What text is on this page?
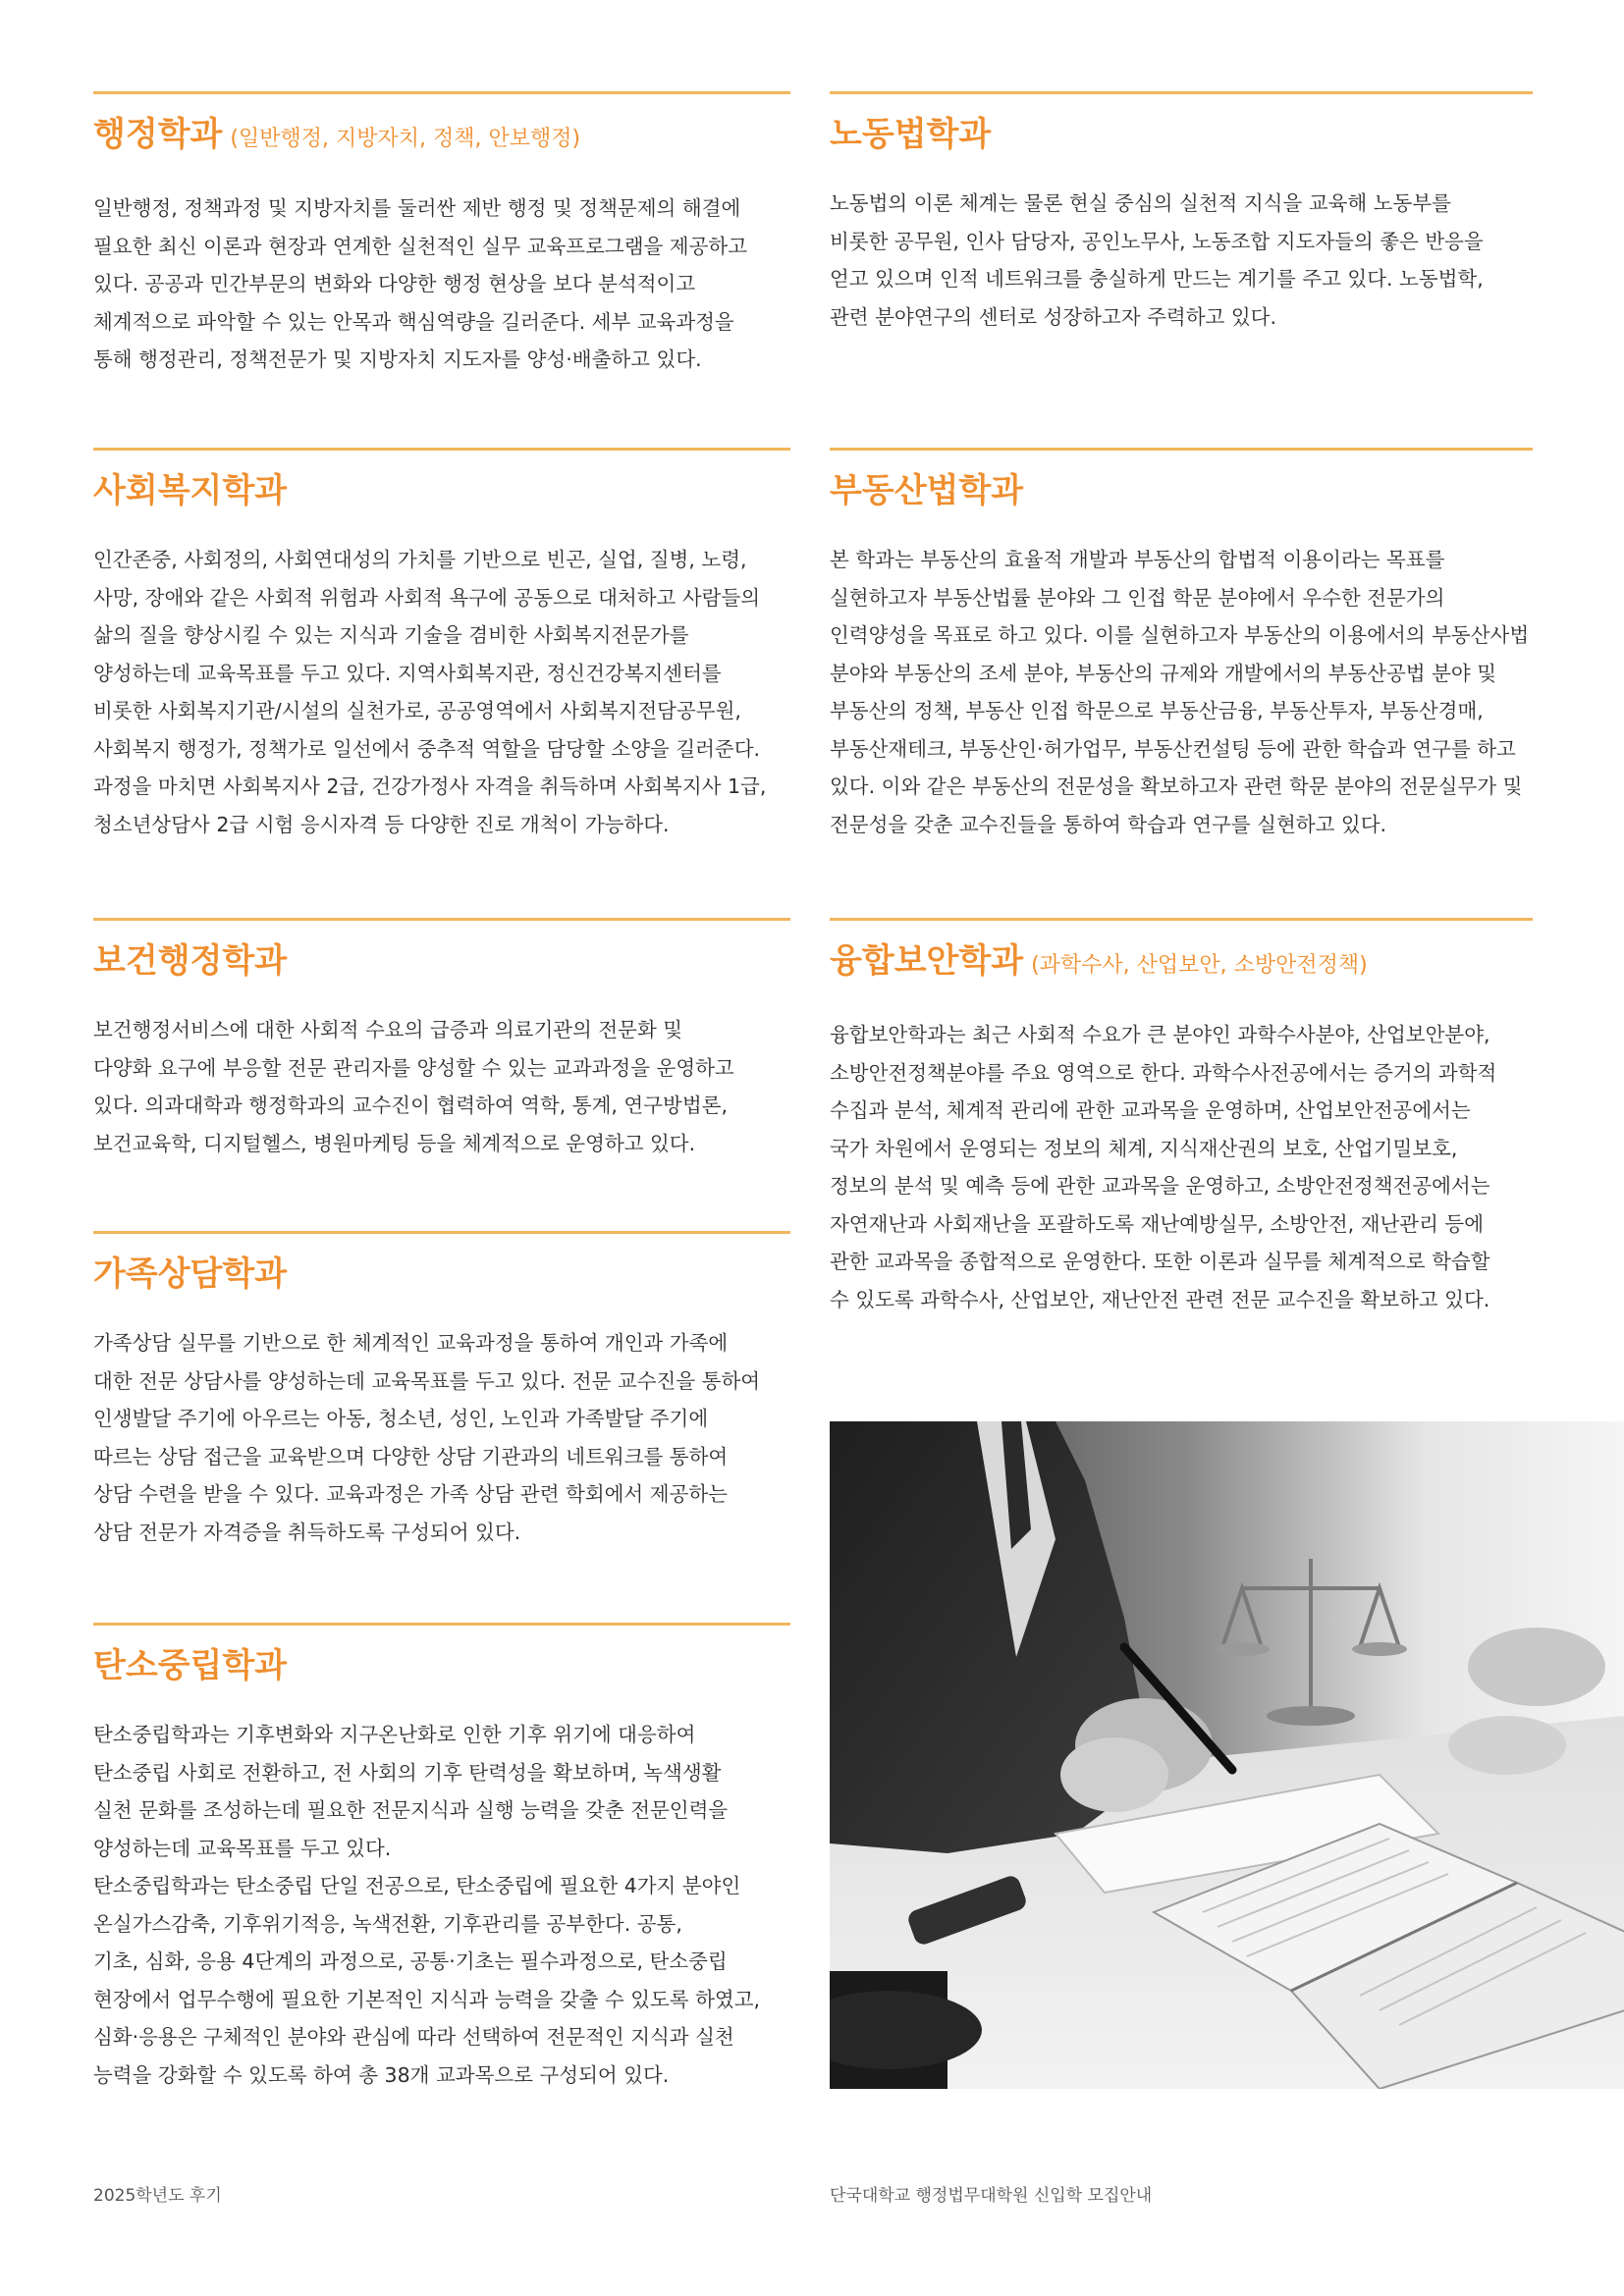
행정학과 (일반행정, 지방자치, 정책, 안보행정)
일반행정, 정책과정 및 지방자치를 둘러싼 제반 행정 및 정책문제의 해결에
필요한 최신 이론과 현장과 연계한 실천적인 실무 교육프로그램을 제공하고
있다. 공공과 민간부문의 변화와 다양한 행정 현상을 보다 분석적이고
체계적으로 파악할 수 있는 안목과 핵심역량을 길러준다. 세부 교육과정을
통해 행정관리, 정책전문가 및 지방자치 지도자를 양성·배출하고 있다.
사회복지학과
인간존중, 사회정의, 사회연대성의 가치를 기반으로 빈곤, 실업, 질병, 노령,
사망, 장애와 같은 사회적 위험과 사회적 욕구에 공동으로 대처하고 사람들의
삶의 질을 향상시킬 수 있는 지식과 기술을 겸비한 사회복지전문가를
양성하는데 교육목표를 두고 있다. 지역사회복지관, 정신건강복지센터를
비롯한 사회복지기관/시설의 실천가로, 공공영역에서 사회복지전담공무원,
사회복지 행정가, 정책가로 일선에서 중추적 역할을 담당할 소양을 길러준다.
과정을 마치면 사회복지사 2급, 건강가정사 자격을 취득하며 사회복지사 1급,
청소년상담사 2급 시험 응시자격 등 다양한 진로 개척이 가능하다.
보건행정학과
보건행정서비스에 대한 사회적 수요의 급증과 의료기관의 전문화 및
다양화 요구에 부응할 전문 관리자를 양성할 수 있는 교과과정을 운영하고
있다. 의과대학과 행정학과의 교수진이 협력하여 역학, 통계, 연구방법론,
보건교육학, 디지털헬스, 병원마케팅 등을 체계적으로 운영하고 있다.
가족상담학과
가족상담 실무를 기반으로 한 체계적인 교육과정을 통하여 개인과 가족에
대한 전문 상담사를 양성하는데 교육목표를 두고 있다. 전문 교수진을 통하여
인생발달 주기에 아우르는 아동, 청소년, 성인, 노인과 가족발달 주기에
따르는 상담 접근을 교육받으며 다양한 상담 기관과의 네트워크를 통하여
상담 수련을 받을 수 있다. 교육과정은 가족 상담 관련 학회에서 제공하는
상담 전문가 자격증을 취득하도록 구성되어 있다.
탄소중립학과
탄소중립학과는 기후변화와 지구온난화로 인한 기후 위기에 대응하여
탄소중립 사회로 전환하고, 전 사회의 기후 탄력성을 확보하며, 녹색생활
실천 문화를 조성하는데 필요한 전문지식과 실행 능력을 갖춘 전문인력을
양성하는데 교육목표를 두고 있다.
탄소중립학과는 탄소중립 단일 전공으로, 탄소중립에 필요한 4가지 분야인
온실가스감축, 기후위기적응, 녹색전환, 기후관리를 공부한다. 공통,
기초, 심화, 응용 4단계의 과정으로, 공통·기초는 필수과정으로, 탄소중립
현장에서 업무수행에 필요한 기본적인 지식과 능력을 갖출 수 있도록 하였고,
심화·응용은 구체적인 분야와 관심에 따라 선택하여 전문적인 지식과 실천
능력을 강화할 수 있도록 하여 총 38개 교과목으로 구성되어 있다.
노동법학과
노동법의 이론 체계는 물론 현실 중심의 실천적 지식을 교육해 노동부를
비롯한 공무원, 인사 담당자, 공인노무사, 노동조합 지도자들의 좋은 반응을
얻고 있으며 인적 네트워크를 충실하게 만드는 계기를 주고 있다. 노동법학,
관련 분야연구의 센터로 성장하고자 주력하고 있다.
부동산법학과
본 학과는 부동산의 효율적 개발과 부동산의 합법적 이용이라는 목표를
실현하고자 부동산법률 분야와 그 인접 학문 분야에서 우수한 전문가의
인력양성을 목표로 하고 있다. 이를 실현하고자 부동산의 이용에서의 부동산사법
분야와 부동산의 조세 분야, 부동산의 규제와 개발에서의 부동산공법 분야 및
부동산의 정책, 부동산 인접 학문으로 부동산금융, 부동산투자, 부동산경매,
부동산재테크, 부동산인·허가업무, 부동산컨설팅 등에 관한 학습과 연구를 하고
있다. 이와 같은 부동산의 전문성을 확보하고자 관련 학문 분야의 전문실무가 및
전문성을 갖춘 교수진들을 통하여 학습과 연구를 실현하고 있다.
융합보안학과 (과학수사, 산업보안, 소방안전정책)
융합보안학과는 최근 사회적 수요가 큰 분야인 과학수사분야, 산업보안분야,
소방안전정책분야를 주요 영역으로 한다. 과학수사전공에서는 증거의 과학적
수집과 분석, 체계적 관리에 관한 교과목을 운영하며, 산업보안전공에서는
국가 차원에서 운영되는 정보의 체계, 지식재산권의 보호, 산업기밀보호,
정보의 분석 및 예측 등에 관한 교과목을 운영하고, 소방안전정책전공에서는
자연재난과 사회재난을 포괄하도록 재난예방실무, 소방안전, 재난관리 등에
관한 교과목을 종합적으로 운영한다. 또한 이론과 실무를 체계적으로 학습할
수 있도록 과학수사, 산업보안, 재난안전 관련 전문 교수진을 확보하고 있다.
2025학년도 후기	단국대학교 행정법무대학원 신입학 모집안내
